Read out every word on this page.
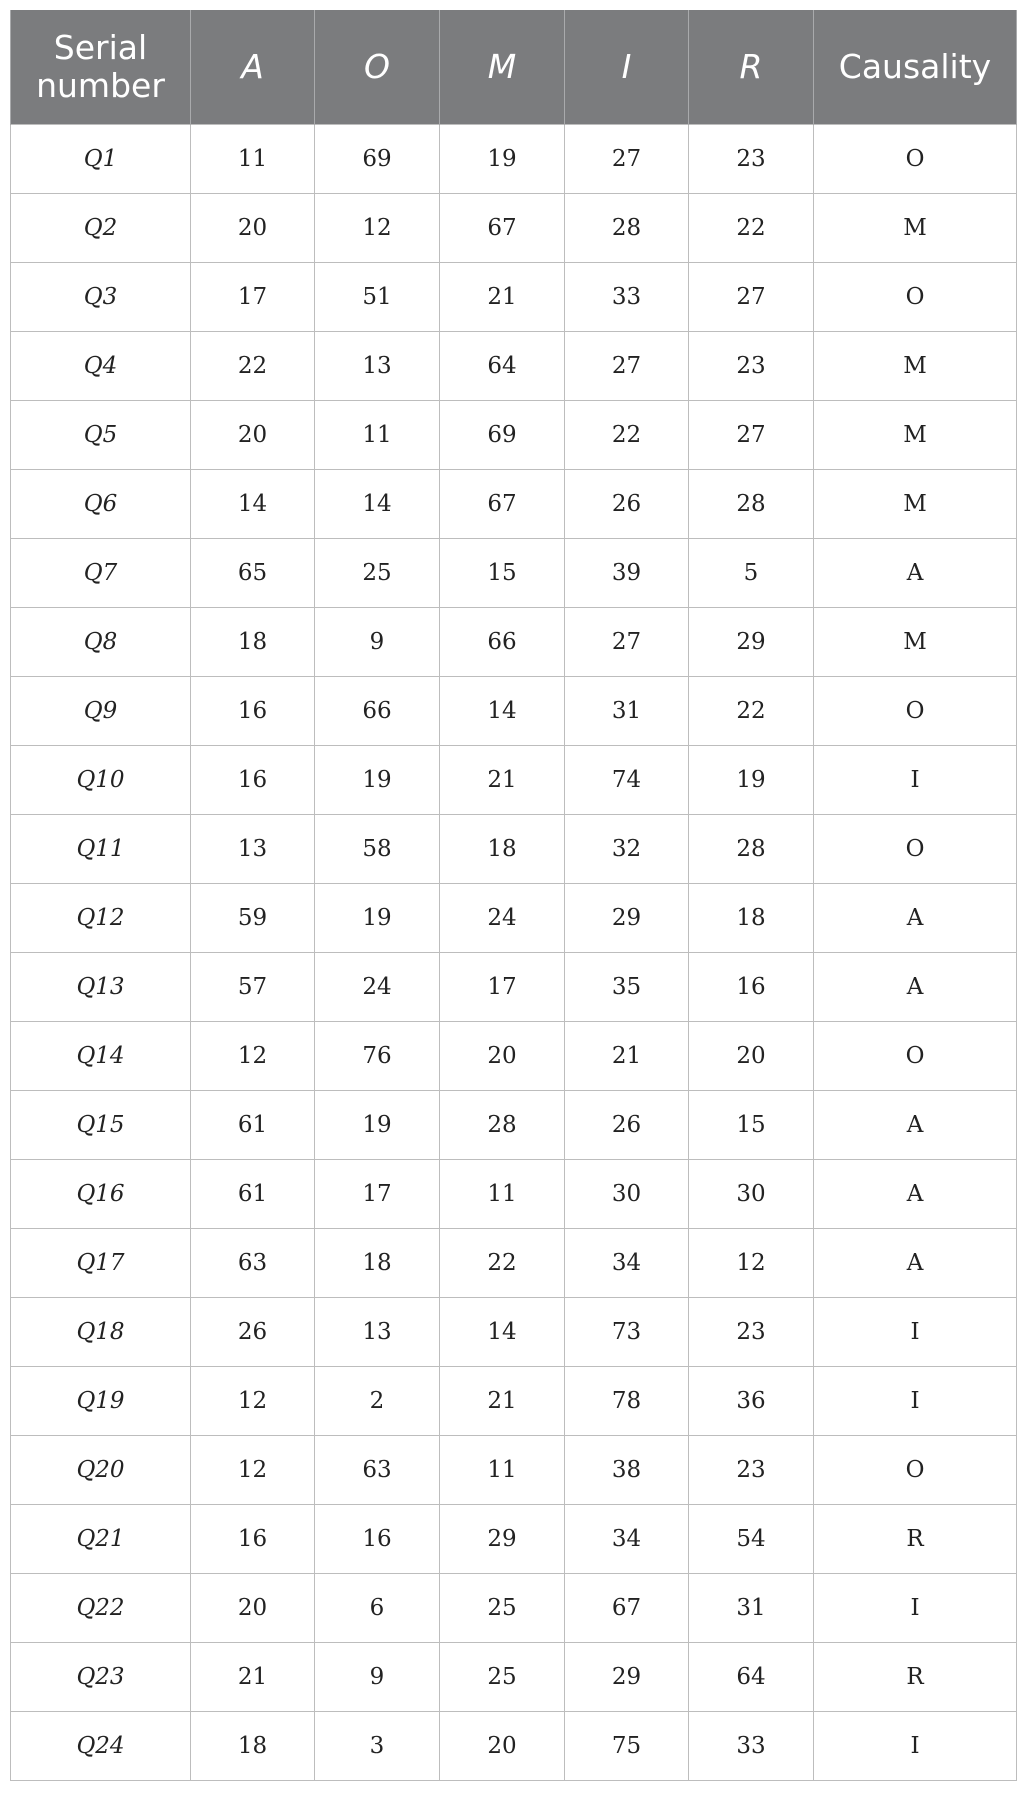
Serial number	A	O	M	I	R	Causality
Q1	11	69	19	27	23	O
Q2	20	12	67	28	22	M
Q3	17	51	21	33	27	O
Q4	22	13	64	27	23	M
Q5	20	11	69	22	27	M
Q6	14	14	67	26	28	M
Q7	65	25	15	39	5	A
Q8	18	9	66	27	29	M
Q9	16	66	14	31	22	O
Q10	16	19	21	74	19	I
Q11	13	58	18	32	28	O
Q12	59	19	24	29	18	A
Q13	57	24	17	35	16	A
Q14	12	76	20	21	20	O
Q15	61	19	28	26	15	A
Q16	61	17	11	30	30	A
Q17	63	18	22	34	12	A
Q18	26	13	14	73	23	I
Q19	12	2	21	78	36	I
Q20	12	63	11	38	23	O
Q21	16	16	29	34	54	R
Q22	20	6	25	67	31	I
Q23	21	9	25	29	64	R
Q24	18	3	20	75	33	I
